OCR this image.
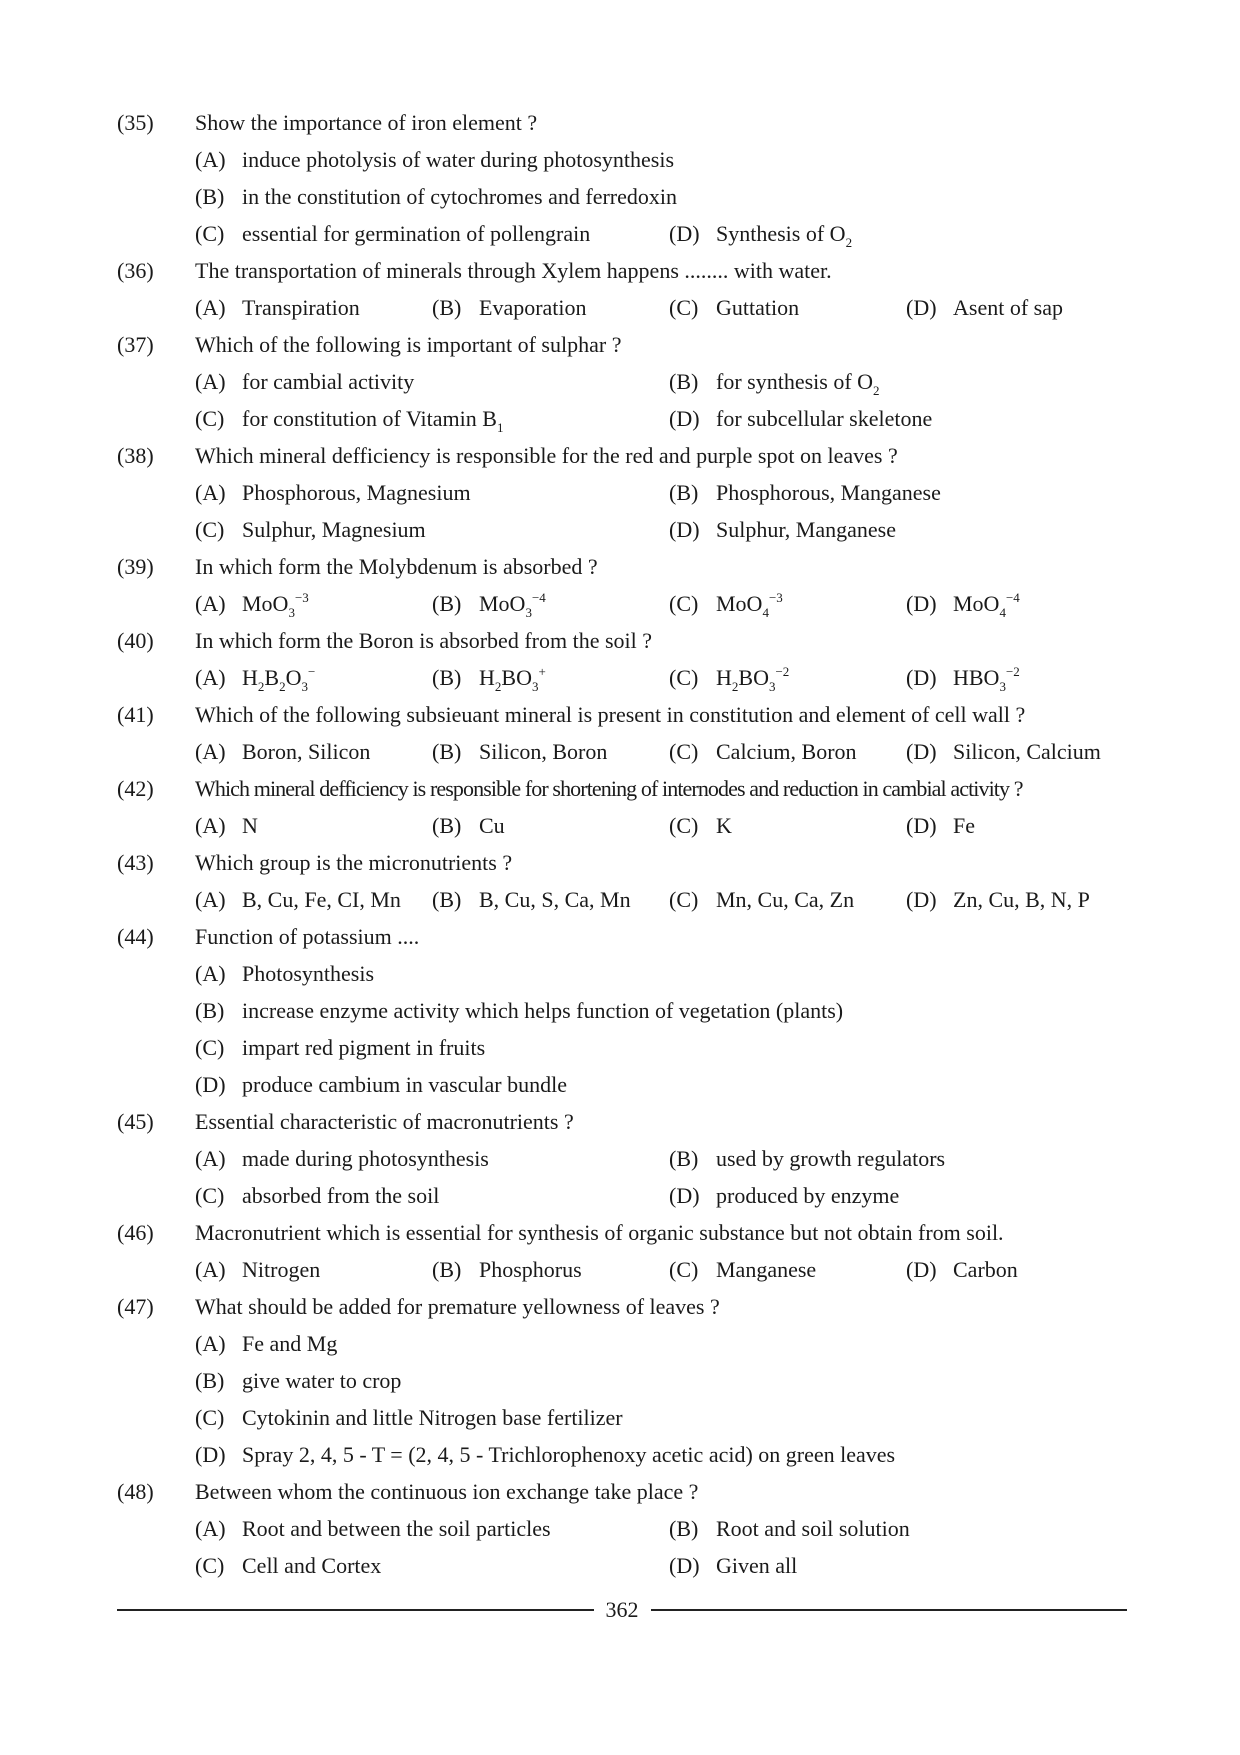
(35)	Show the importance of iron element ?
(A) induce photolysis of water during photosynthesis
(B) in the constitution of cytochromes and ferredoxin
(C) essential for germination of pollengrain	(D) Synthesis of $O_2$
(36)	The transportation of minerals through Xylem happens ........ with water.
(A) Transpiration	(B) Evaporation	(C) Guttation	(D) Asent of sap
(37)	Which of the following is important of sulphar ?
(A) for cambial activity	(B) for synthesis of $O_2$
(C) for constitution of Vitamin $B_1$	(D) for subcellular skeletone
(38)	Which mineral defficiency is responsible for the red and purple spot on leaves ?
(A) Phosphorous, Magnesium	(B) Phosphorous, Manganese
(C) Sulphur, Magnesium	(D) Sulphur, Manganese
(39)	In which form the Molybdenum is absorbed ?
(A) MoO$_3^{-3}$	(B) MoO$_3^{-4}$	(C) MoO$_4^{-3}$	(D) MoO$_4^{-4}$
(40)	In which form the Boron is absorbed from the soil ?
(A) $H_2B_2O_3^-$	(B) $H_2BO_3^+$	(C) $H_2BO_3^{-2}$	(D) $HBO_3^{-2}$
(41)	Which of the following subsieuant mineral is present in constitution and element of cell wall ?
(A) Boron, Silicon	(B) Silicon, Boron	(C) Calcium, Boron (D) Silicon, Calcium
(42)	Which mineral defficiency is responsible for shortening of internodes and reduction in cambial activity ?
(A) N	(B) Cu	(C) K	(D) Fe
(43)	Which group is the micronutrients ?
(A) B, Cu, Fe, CI, Mn (B) B, Cu, S, Ca, Mn (C) Mn, Cu, Ca, Zn (D) Zn, Cu, B, N, P
(44)	Function of potassium ....
(A) Photosynthesis
(B) increase enzyme activity which helps function of vegetation (plants)
(C) impart red pigment in fruits
(D) produce cambium in vascular bundle
(45)	Essential characteristic of macronutrients ?
(A) made during photosynthesis	(B) used by growth regulators
(C) absorbed from the soil	(D) produced by enzyme
(46)	Macronutrient which is essential for synthesis of organic substance but not obtain from soil.
(A) Nitrogen	(B) Phosphorus	(C) Manganese	(D) Carbon
(47)	What should be added for premature yellowness of leaves ?
(A) Fe and Mg
(B) give water to crop
(C) Cytokinin and little Nitrogen base fertilizer
(D) Spray 2, 4, 5 - T = (2, 4, 5 - Trichlorophenoxy acetic acid) on green leaves
(48)	Between whom the continuous ion exchange take place ?
(A) Root and between the soil particles	(B) Root and soil solution
(C) Cell and Cortex	(D) Given all
362
